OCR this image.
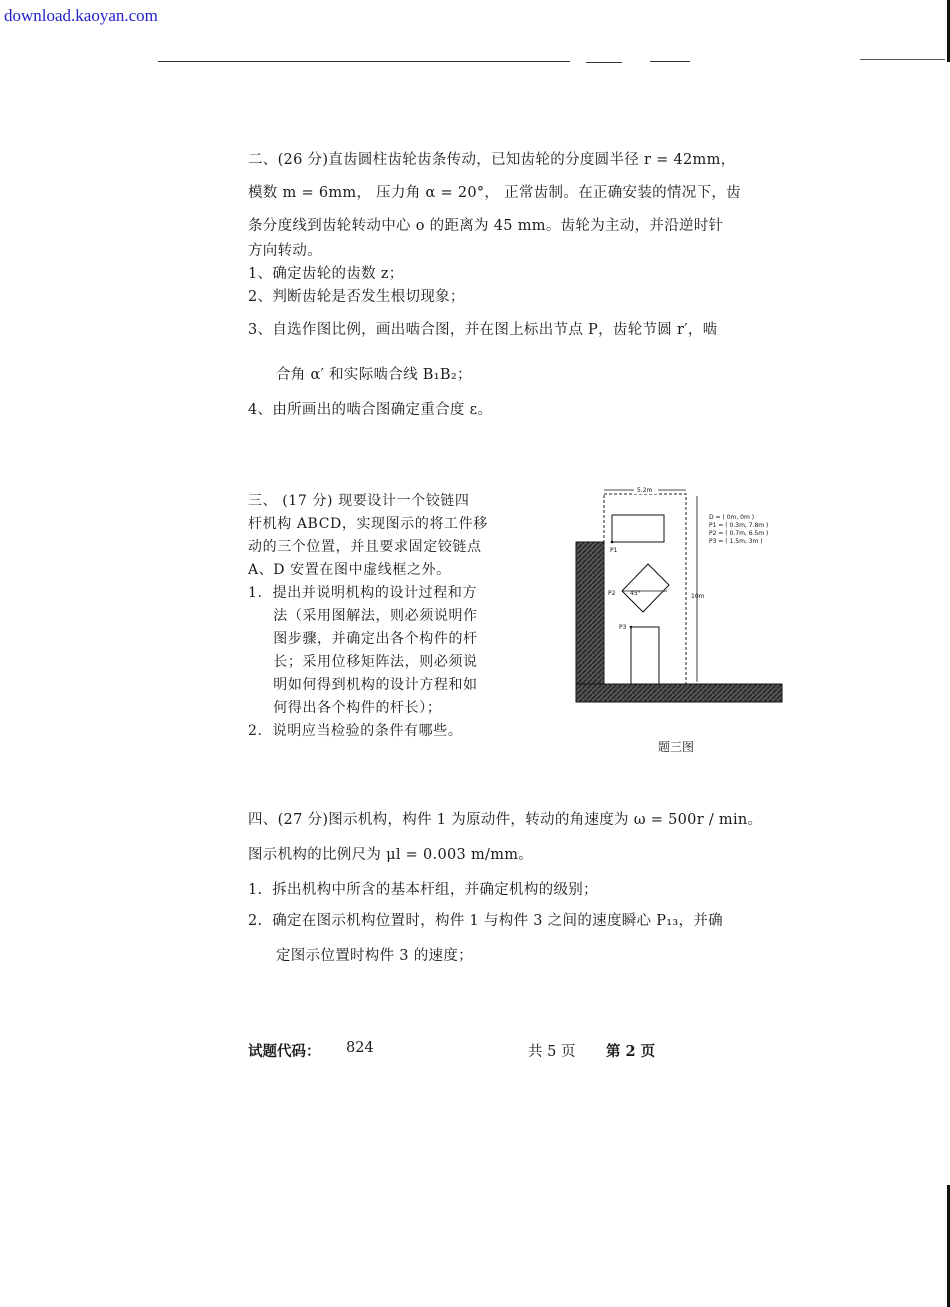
download.kaoyan.com
二、(26 分)直齿圆柱齿轮齿条传动，已知齿轮的分度圆半径 r = 42mm，
模数 m = 6mm， 压力角 α = 20°， 正常齿制。在正确安装的情况下，齿
条分度线到齿轮转动中心 o 的距离为 45 mm。齿轮为主动，并沿逆时针
方向转动。
1、确定齿轮的齿数 z；
2、判断齿轮是否发生根切现象；
3、自选作图比例，画出啮合图，并在图上标出节点 P，齿轮节圆 r′，啮
合角 α′ 和实际啮合线 B₁B₂；
4、由所画出的啮合图确定重合度 ε。
三、 (17 分) 现要设计一个铰链四
杆机构 ABCD，实现图示的将工件移
动的三个位置，并且要求固定铰链点
A、D 安置在图中虚线框之外。
1.  提出并说明机构的设计过程和方
法（采用图解法，则必须说明作
图步骤，并确定出各个构件的杆
长；采用位移矩阵法，则必须说
明如何得到机构的设计方程和如
何得出各个构件的杆长）；
2.  说明应当检验的条件有哪些。
5.2m
10m
P1
45°
P2
P3
D = ( 0m, 0m )
P1 = ( 0.3m, 7.8m )
P2 = ( 0.7m, 6.5m )
P3 = ( 1.5m, 3m )
题三图
四、(27 分)图示机构，构件 1 为原动件，转动的角速度为 ω = 500r / min。
图示机构的比例尺为 μl = 0.003 m/mm。
1.  拆出机构中所含的基本杆组，并确定机构的级别；
2.  确定在图示机构位置时，构件 1 与构件 3 之间的速度瞬心 P₁₃，并确
定图示位置时构件 3 的速度；
试题代码： 824	共 5 页 第 2 页
